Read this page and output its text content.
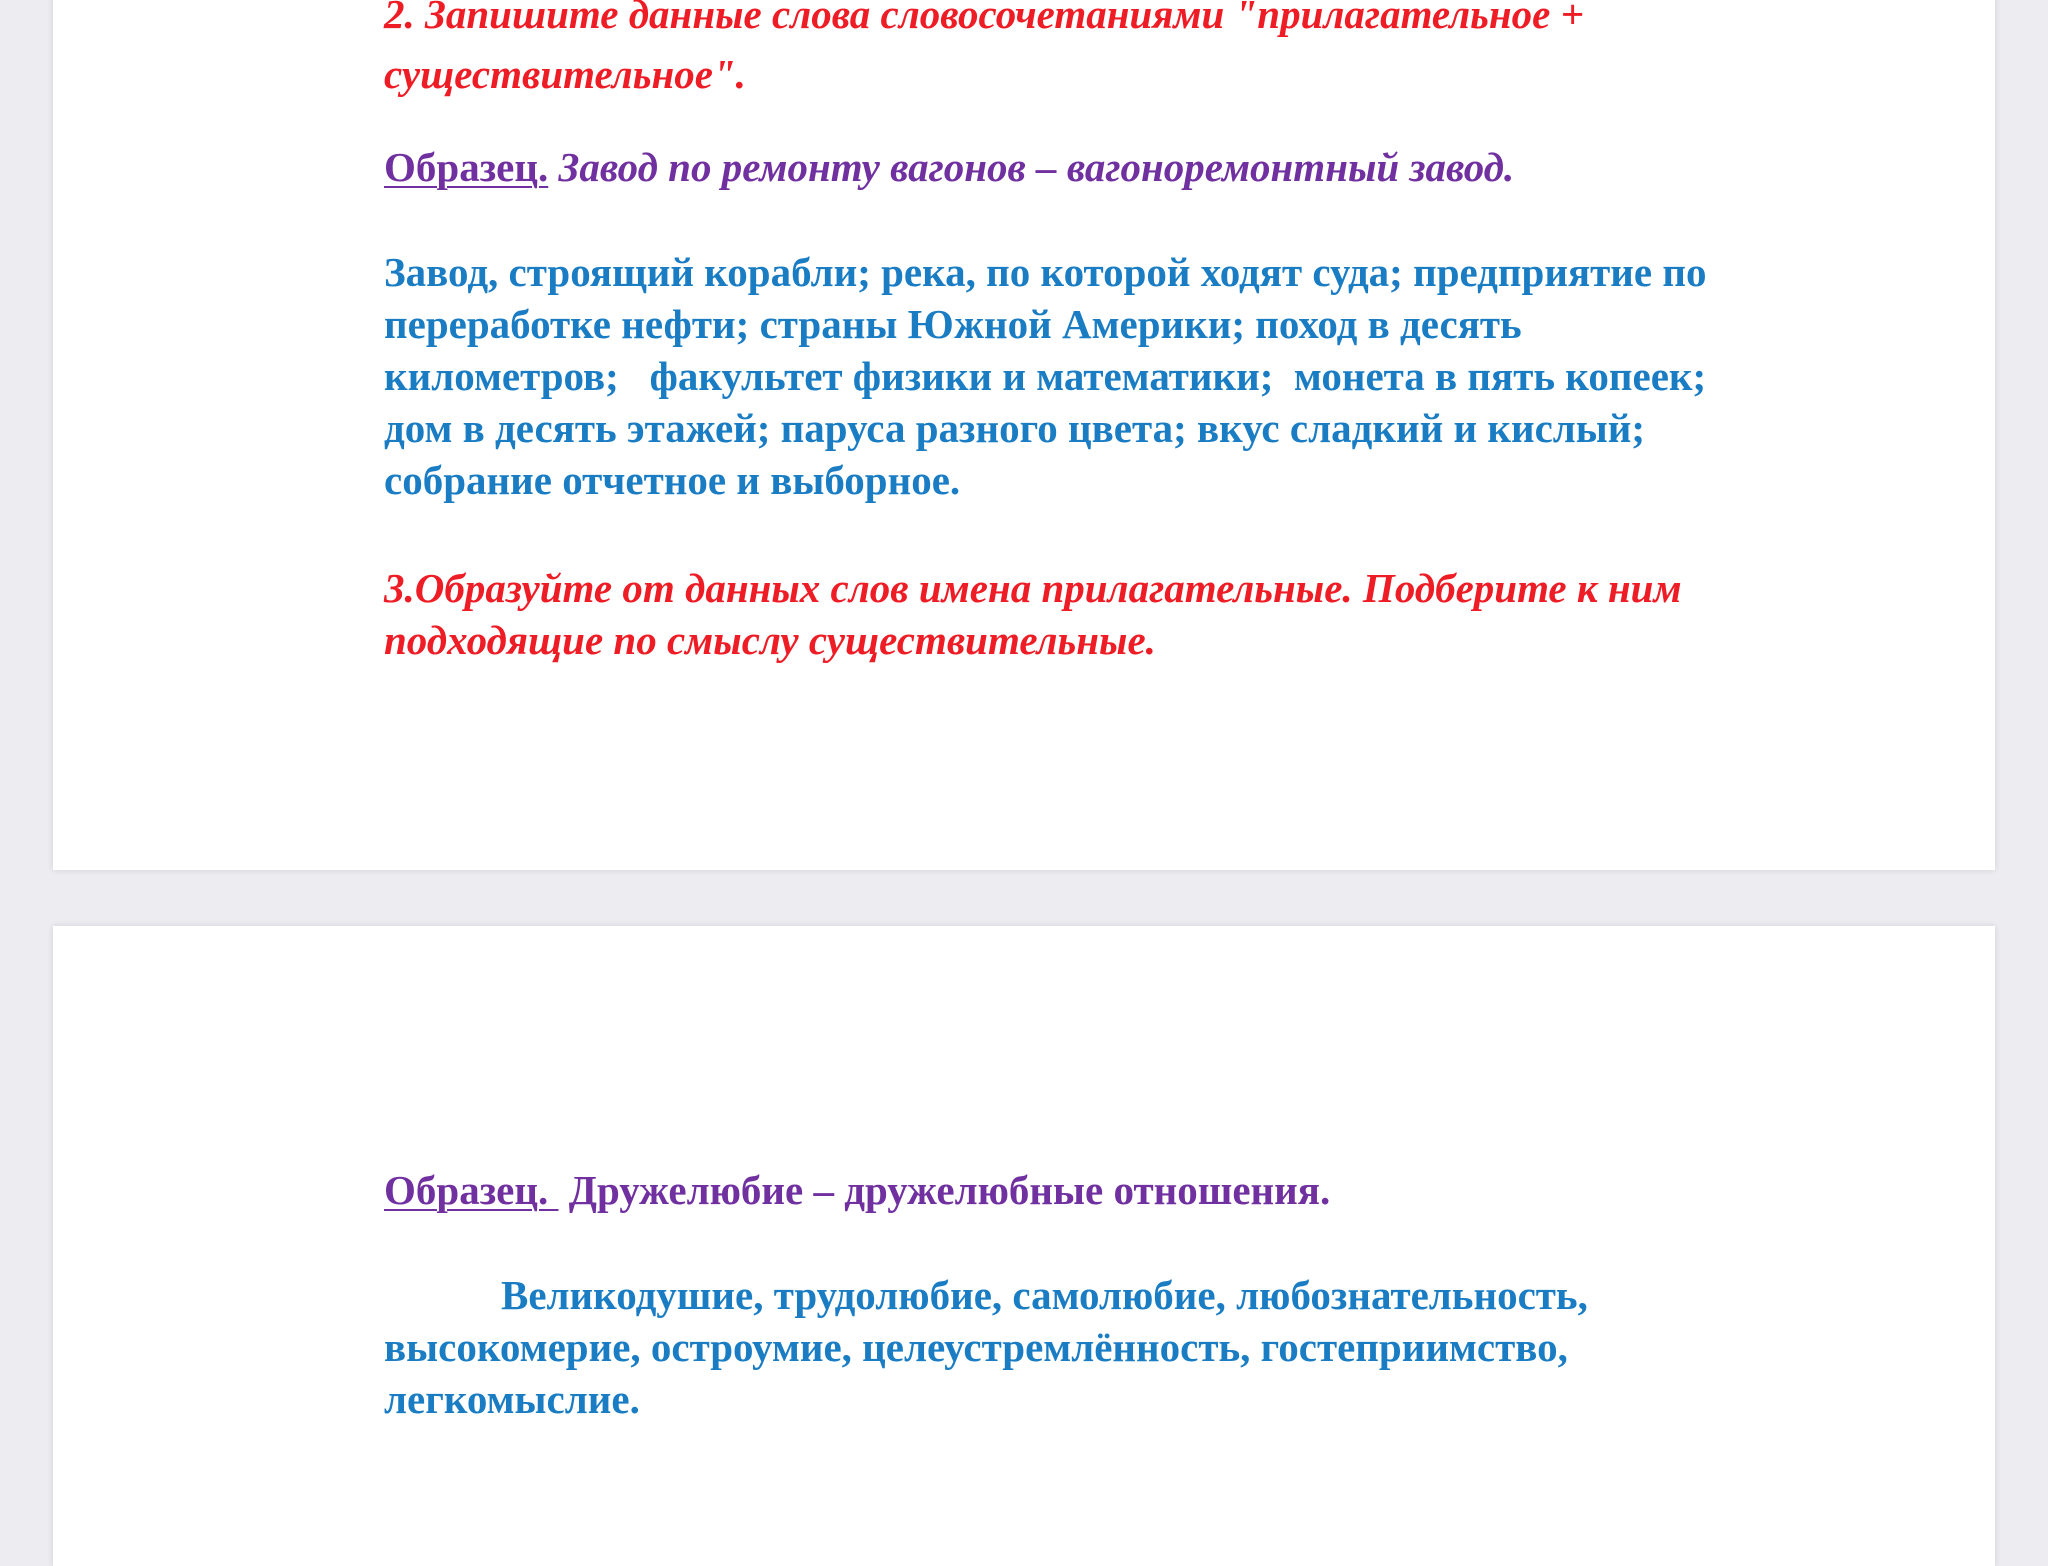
2. Запишите данные слова словосочетаниями "прилагательное +
существительное".
Образец. Завод по ремонту вагонов – вагоноремонтный завод.
Завод, строящий корабли; река, по которой ходят суда; предприятие по
переработке нефти; страны Южной Америки; поход в десять
километров;   факультет физики и математики;  монета в пять копеек;
дом в десять этажей; паруса разного цвета; вкус сладкий и кислый;
собрание отчетное и выборное.
3.Образуйте от данных слов имена прилагательные. Подберите к ним
подходящие по смыслу существительные.
Образец.  Дружелюбие – дружелюбные отношения.
Великодушие, трудолюбие, самолюбие, любознательность,
высокомерие, остроумие, целеустремлённость, гостеприимство,
легкомыслие.
